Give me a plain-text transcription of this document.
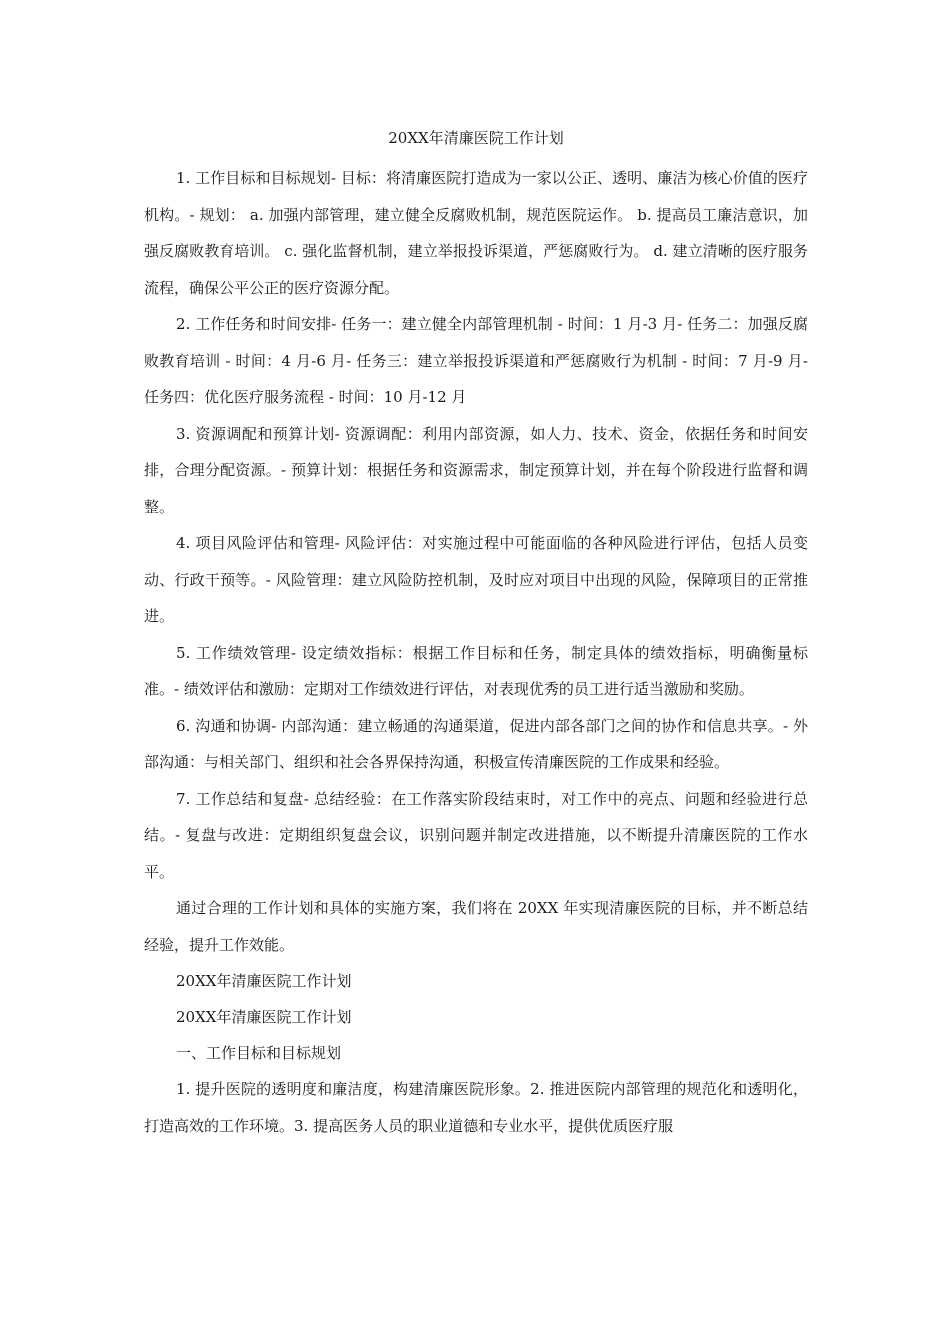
20XX年清廉医院工作计划

1. 工作目标和目标规划- 目标：将清廉医院打造成为一家以公正、透明、廉洁为核心价值的医疗机构。- 规划： a. 加强内部管理，建立健全反腐败机制，规范医院运作。 b. 提高员工廉洁意识，加强反腐败教育培训。 c. 强化监督机制，建立举报投诉渠道，严惩腐败行为。 d. 建立清晰的医疗服务流程，确保公平公正的医疗资源分配。

2. 工作任务和时间安排- 任务一：建立健全内部管理机制 - 时间：1 月-3 月- 任务二：加强反腐败教育培训 - 时间：4 月-6 月- 任务三：建立举报投诉渠道和严惩腐败行为机制 - 时间：7 月-9 月- 任务四：优化医疗服务流程 - 时间：10 月-12 月

3. 资源调配和预算计划- 资源调配：利用内部资源，如人力、技术、资金，依据任务和时间安排，合理分配资源。- 预算计划：根据任务和资源需求，制定预算计划，并在每个阶段进行监督和调整。

4. 项目风险评估和管理- 风险评估：对实施过程中可能面临的各种风险进行评估，包括人员变动、行政干预等。- 风险管理：建立风险防控机制，及时应对项目中出现的风险，保障项目的正常推进。

5. 工作绩效管理- 设定绩效指标：根据工作目标和任务，制定具体的绩效指标，明确衡量标准。- 绩效评估和激励：定期对工作绩效进行评估，对表现优秀的员工进行适当激励和奖励。

6. 沟通和协调- 内部沟通：建立畅通的沟通渠道，促进内部各部门之间的协作和信息共享。- 外部沟通：与相关部门、组织和社会各界保持沟通，积极宣传清廉医院的工作成果和经验。

7. 工作总结和复盘- 总结经验：在工作落实阶段结束时，对工作中的亮点、问题和经验进行总结。- 复盘与改进：定期组织复盘会议，识别问题并制定改进措施，以不断提升清廉医院的工作水平。

通过合理的工作计划和具体的实施方案，我们将在 20XX 年实现清廉医院的目标，并不断总结经验，提升工作效能。

20XX年清廉医院工作计划

20XX年清廉医院工作计划

一、工作目标和目标规划

1. 提升医院的透明度和廉洁度，构建清廉医院形象。2. 推进医院内部管理的规范化和透明化，打造高效的工作环境。3. 提高医务人员的职业道德和专业水平，提供优质医疗服
